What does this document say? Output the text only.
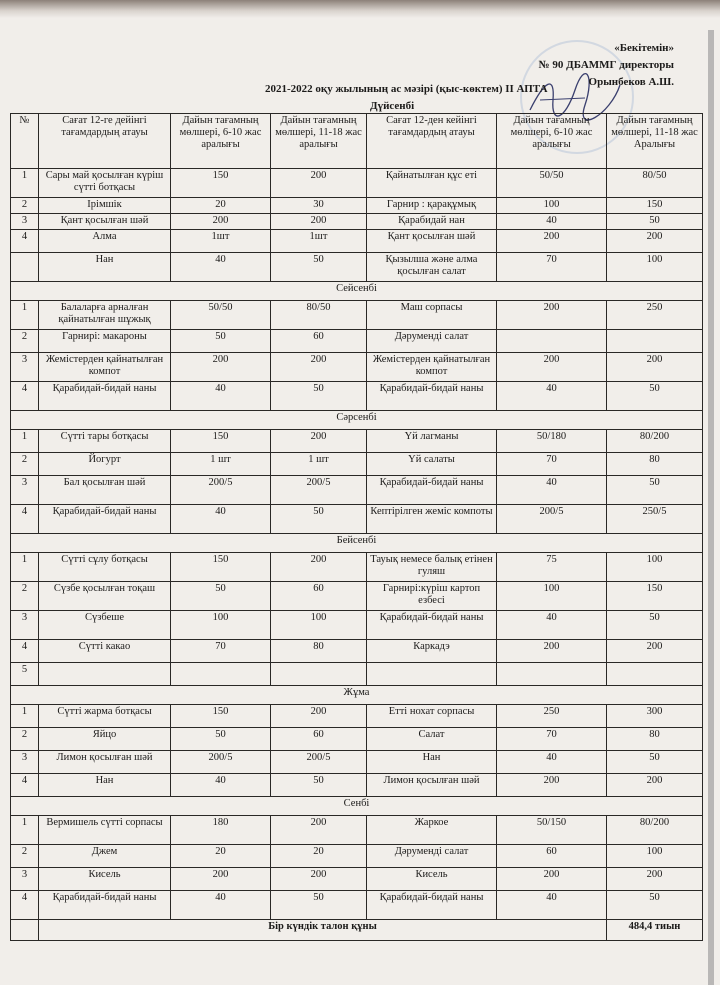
«Бекітемін»
№ 90 ДБАММГ директоры
Орынбеков А.Ш.
2021-2022 оқу жылының ас мәзірі (қыс-көктем) II АПТА
Дүйсенбі
№	Сағат 12-ге дейінгі тағамдардың атауы	Дайын тағамның мөлшері, 6-10 жас аралығы	Дайын тағамның мөлшері, 11-18 жас аралығы	Сағат 12-ден кейінгі тағамдардың атауы	Дайын тағамның мөлшері, 6-10 жас аралығы	Дайын тағамның мөлшері, 11-18 жас Аралығы
1	Сары май қосылған күріш сүтті ботқасы	150	200	Қайнатылған құс еті	50/50	80/50
2	Ірімшік	20	30	Гарнир : қарақұмық	100	150
3	Қант қосылған шәй	200	200	Қарабидай нан	40	50
4	Алма	1шт	1шт	Қант қосылған шәй	200	200
	Нан	40	50	Қызылша және алма қосылған салат	70	100
Сейсенбі						
1	Балаларға арналған қайнатылған шұжық	50/50	80/50	Маш сорпасы	200	250
2	Гарнирі: макароны	50	60	Дәруменді салат		
3	Жемістерден қайнатылған компот	200	200	Жемістерден қайнатылған компот	200	200
4	Қарабидай-бидай наны	40	50	Қарабидай-бидай наны	40	50
Сәрсенбі						
1	Сүтті тары ботқасы	150	200	Үй лагманы	50/180	80/200
2	Йогурт	1 шт	1 шт	Үй салаты	70	80
3	Бал қосылған шәй	200/5	200/5	Қарабидай-бидай наны	40	50
4	Қарабидай-бидай наны	40	50	Кептірілген жеміс компоты	200/5	250/5
Бейсенбі						
1	Сүтті сұлу ботқасы	150	200	Тауық немесе балық етінен гуляш	75	100
2	Сүзбе қосылған тоқаш	50	60	Гарнирі:күріш картоп езбесі	100	150
3	Сүзбеше	100	100	Қарабидай-бидай наны	40	50
4	Сүтті какао	70	80	Каркадэ	200	200
5						
Жұма						
1	Сүтті жарма ботқасы	150	200	Етті нохат сорпасы	250	300
2	Яйцо	50	60	Салат	70	80
3	Лимон қосылған шәй	200/5	200/5	Нан	40	50
4	Нан	40	50	Лимон қосылған шәй	200	200
Сенбі						
1	Вермишель сүтті сорпасы	180	200	Жаркое	50/150	80/200
2	Джем	20	20	Дәруменді салат	60	100
3	Кисель	200	200	Кисель	200	200
4	Қарабидай-бидай наны	40	50	Қарабидай-бидай наны	40	50
	Бір күндік талон құны					484,4 тиын
